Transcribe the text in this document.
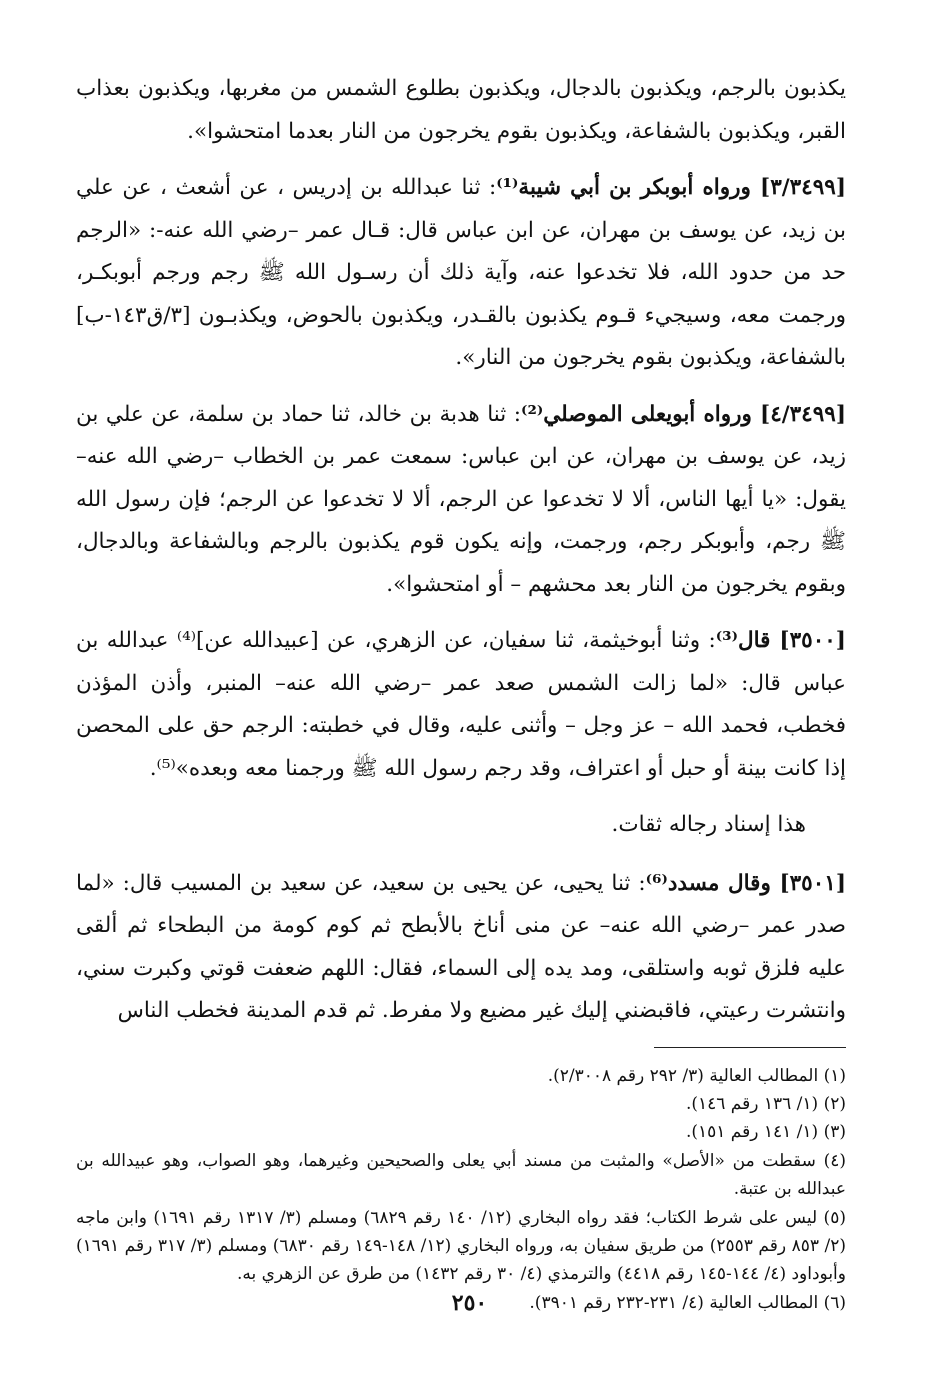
يكذبون بالرجم، ويكذبون بالدجال، ويكذبون بطلوع الشمس من مغربها، ويكذبون بعذاب القبر، ويكذبون بالشفاعة، ويكذبون بقوم يخرجون من النار بعدما امتحشوا».

[٣/٣٤٩٩] ورواه أبوبكر بن أبي شيبة⁽¹⁾: ثنا عبدالله بن إدريس ، عن أشعث ، عن علي بن زيد، عن يوسف بن مهران، عن ابن عباس قال: قـال عمر –رضي الله عنه-: «الرجم حد من حدود الله، فلا تخدعوا عنه، وآية ذلك أن رسـول الله ﷺ رجم ورجم أبوبكـر، ورجمت معه، وسيجيء قـوم يكذبون بالقـدر، ويكذبون بالحوض، ويكذبـون [٣/ق١٤٣-ب] بالشفاعة، ويكذبون بقوم يخرجون من النار».

[٤/٣٤٩٩] ورواه أبويعلى الموصلي⁽²⁾: ثنا هدبة بن خالد، ثنا حماد بن سلمة، عن علي بن زيد، عن يوسف بن مهران، عن ابن عباس: سمعت عمر بن الخطاب –رضي الله عنه– يقول: «يا أيها الناس، ألا لا تخدعوا عن الرجم، ألا لا تخدعوا عن الرجم؛ فإن رسول الله ﷺ رجم، وأبوبكر رجم، ورجمت، وإنه يكون قوم يكذبون بالرجم وبالشفاعة وبالدجال، وبقوم يخرجون من النار بعد محشهم – أو امتحشوا».

[٣٥٠٠] قال⁽³⁾: وثنا أبوخيثمة، ثنا سفيان، عن الزهري، عن [عبيدالله عن]⁽⁴⁾ عبدالله بن عباس قال: «لما زالت الشمس صعد عمر –رضي الله عنه– المنبر، وأذن المؤذن فخطب، فحمد الله – عز وجل – وأثنى عليه، وقال في خطبته: الرجم حق على المحصن إذا كانت بينة أو حبل أو اعتراف، وقد رجم رسول الله ﷺ ورجمنا معه وبعده»⁽⁵⁾.

هذا إسناد رجاله ثقات.

[٣٥٠١] وقال مسدد⁽⁶⁾: ثنا يحيى، عن يحيى بن سعيد، عن سعيد بن المسيب قال: «لما صدر عمر –رضي الله عنه– عن منى أناخ بالأبطح ثم كوم كومة من البطحاء ثم ألقى عليه فلزق ثوبه واستلقى، ومد يده إلى السماء، فقال: اللهم ضعفت قوتي وكبرت سني، وانتشرت رعيتي، فاقبضني إليك غير مضيع ولا مفرط. ثم قدم المدينة فخطب الناس

(١) المطالب العالية (٣/ ٢٩٢ رقم ٢/٣٠٠٨).

(٢) (١/ ١٣٦ رقم ١٤٦).

(٣) (١/ ١٤١ رقم ١٥١).

(٤) سقطت من «الأصل» والمثبت من مسند أبي يعلى والصحيحين وغيرهما، وهو الصواب، وهو عبيدالله بن عبدالله بن عتبة.

(٥) ليس على شرط الكتاب؛ فقد رواه البخاري (١٢/ ١٤٠ رقم ٦٨٢٩) ومسلم (٣/ ١٣١٧ رقم ١٦٩١) وابن ماجه (٢/ ٨٥٣ رقم ٢٥٥٣) من طريق سفيان به، ورواه البخاري (١٢/ ١٤٨-١٤٩ رقم ٦٨٣٠) ومسلم (٣/ ٣١٧ رقم ١٦٩١) وأبوداود (٤/ ١٤٤-١٤٥ رقم ٤٤١٨) والترمذي (٤/ ٣٠ رقم ١٤٣٢) من طرق عن الزهري به.

(٦) المطالب العالية (٤/ ٢٣١-٢٣٢ رقم ٣٩٠١).

٢٥٠
